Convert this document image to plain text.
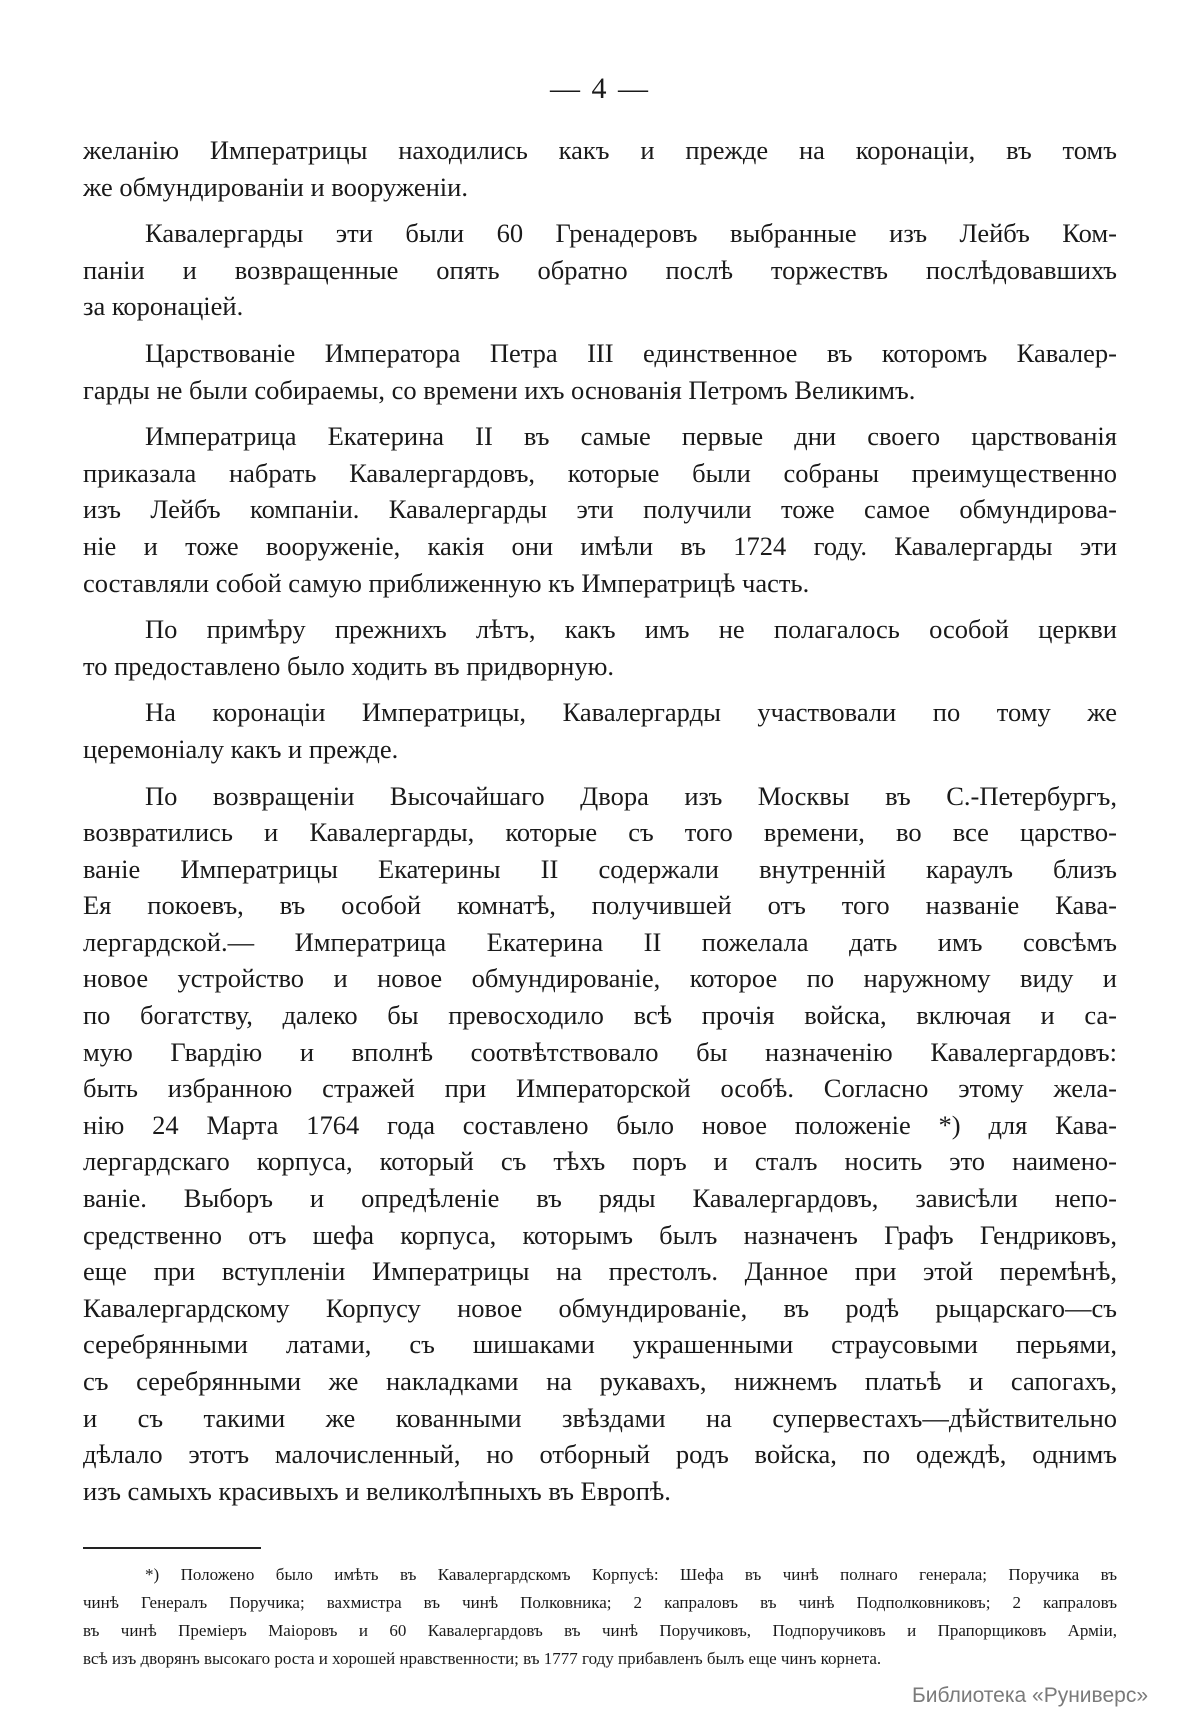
— 4 —
желанію Императрицы находились какъ и прежде на коронаціи, въ томъ
же обмундированіи и вооруженіи.
Кавалергарды эти были 60 Гренадеровъ выбранные изъ Лейбъ Ком-
паніи и возвращенные опять обратно послѣ торжествъ послѣдовавшихъ
за коронаціей.
Царствованіе Императора Петра III единственное въ которомъ Кавалер-
гарды не были собираемы, со времени ихъ основанія Петромъ Великимъ.
Императрица Екатерина II въ самые первые дни своего царствованія
приказала набрать Кавалергардовъ, которые были собраны преимущественно
изъ Лейбъ компаніи. Кавалергарды эти получили тоже самое обмундирова-
ніе и тоже вооруженіе, какія они имѣли въ 1724 году. Кавалергарды эти
составляли собой самую приближенную къ Императрицѣ часть.
По примѣру прежнихъ лѣтъ, какъ имъ не полагалось особой церкви
то предоставлено было ходить въ придворную.
На коронаціи Императрицы, Кавалергарды участвовали по тому же
церемоніалу какъ и прежде.
По возвращеніи Высочайшаго Двора изъ Москвы въ С.-Петербургъ,
возвратились и Кавалергарды, которые съ того времени, во все царство-
ваніе Императрицы Екатерины II содержали внутренній караулъ близъ
Ея покоевъ, въ особой комнатѣ, получившей отъ того названіе Кава-
лергардской.— Императрица Екатерина II пожелала дать имъ совсѣмъ
новое устройство и новое обмундированіе, которое по наружному виду и
по богатству, далеко бы превосходило всѣ прочія войска, включая и са-
мую Гвардію и вполнѣ соотвѣтствовало бы назначенію Кавалергардовъ:
быть избранною стражей при Императорской особѣ. Согласно этому жела-
нію 24 Марта 1764 года составлено было новое положеніе *) для Кава-
лергардскаго корпуса, который съ тѣхъ поръ и сталъ носить это наимено-
ваніе. Выборъ и опредѣленіе въ ряды Кавалергардовъ, зависѣли непо-
средственно отъ шефа корпуса, которымъ былъ назначенъ Графъ Гендриковъ,
еще при вступленіи Императрицы на престолъ. Данное при этой перемѣнѣ,
Кавалергардскому Корпусу новое обмундированіе, въ родѣ рыцарскаго—съ
серебрянными латами, съ шишаками украшенными страусовыми перьями,
съ серебрянными же накладками на рукавахъ, нижнемъ платьѣ и сапогахъ,
и съ такими же кованными звѣздами на супервестахъ—дѣйствительно
дѣлало этотъ малочисленный, но отборный родъ войска, по одеждѣ, однимъ
изъ самыхъ красивыхъ и великолѣпныхъ въ Европѣ.
*) Положено было имѣть въ Кавалергардскомъ Корпусѣ: Шефа въ чинѣ полнаго генерала; Поручика въ
чинѣ Генералъ Поручика; вахмистра въ чинѣ Полковника; 2 капраловъ въ чинѣ Подполковниковъ; 2 капраловъ
въ чинѣ Преміеръ Маіоровъ и 60 Кавалергардовъ въ чинѣ Поручиковъ, Подпоручиковъ и Прапорщиковъ Арміи,
всѣ изъ дворянъ высокаго роста и хорошей нравственности; въ 1777 году прибавленъ былъ еще чинъ корнета.
Библиотека «Руниверс»
